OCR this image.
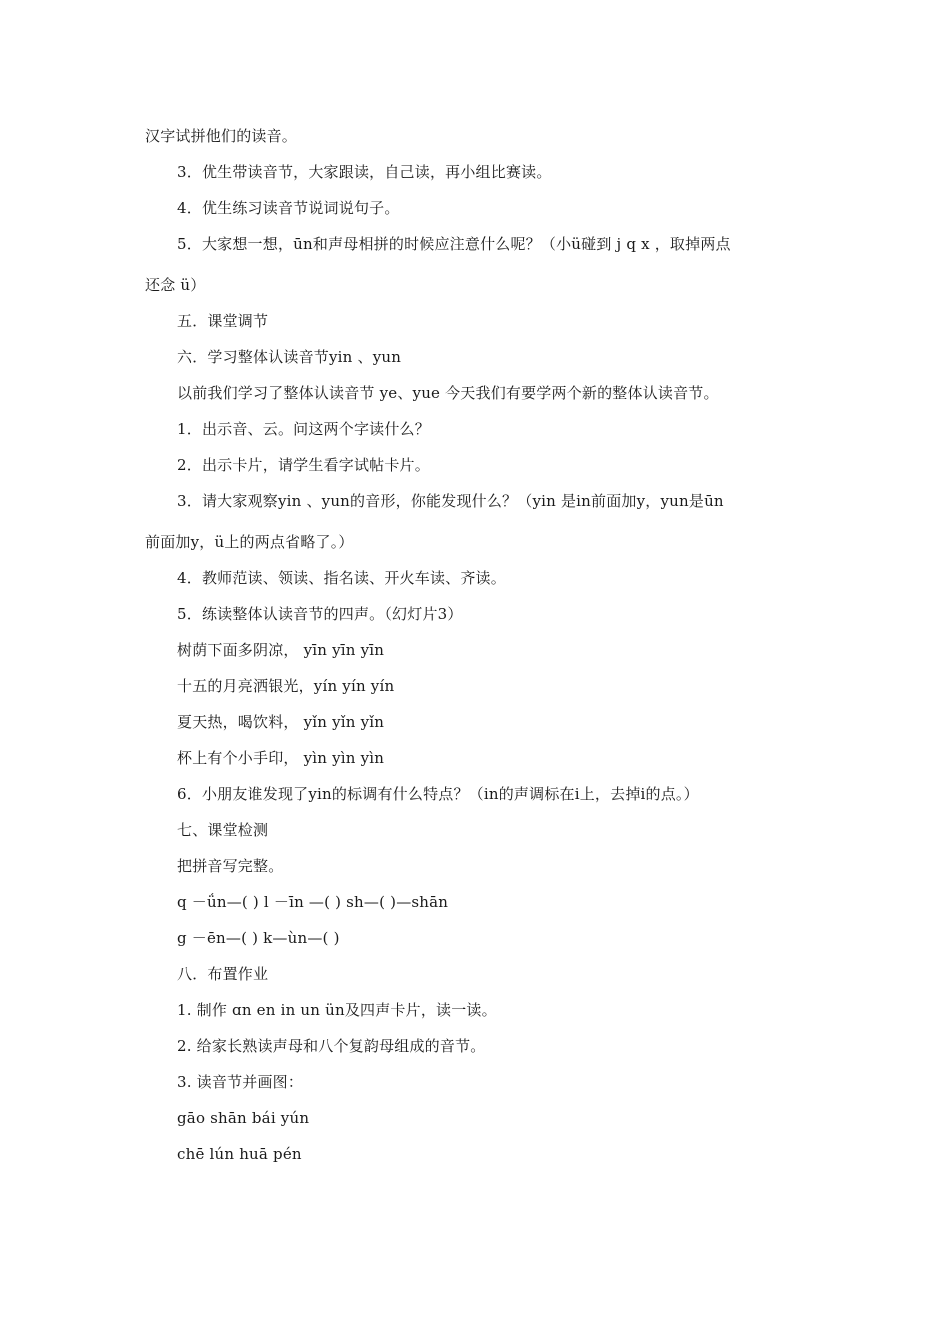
汉字试拼他们的读音。
3．优生带读音节，大家跟读，自己读，再小组比赛读。
4．优生练习读音节说词说句子。
5．大家想一想，ūn和声母相拼的时候应注意什么呢？（小ü碰到 j q x ，取掉两点
还念 ü）
五．课堂调节
六．学习整体认读音节yin 、yun
以前我们学习了整体认读音节 ye、yue 今天我们有要学两个新的整体认读音节。
1．出示音、云。问这两个字读什么？
2．出示卡片，请学生看字试帖卡片。
3．请大家观察yin 、yun的音形，你能发现什么？（yin 是in前面加y，yun是ūn
前面加y，ü上的两点省略了。）
4．教师范读、领读、指名读、开火车读、齐读。
5．练读整体认读音节的四声。（幻灯片3）
树荫下面多阴凉， yīn yīn yīn
十五的月亮洒银光，yín yín yín
夏天热，喝饮料， yǐn yǐn yǐn
杯上有个小手印， yìn yìn yìn
6．小朋友谁发现了yin的标调有什么特点？（in的声调标在i上，去掉i的点。）
七、课堂检测
把拼音写完整。
q －ǘn—( ) l －īn —( ) sh—( )—shān
g －ēn—( ) k—ùn—( )
八．布置作业
1. 制作 ɑn en in un ün及四声卡片，读一读。
2. 给家长熟读声母和八个复韵母组成的音节。
3. 读音节并画图：
gāo shān bái yún
chē lún huā pén
